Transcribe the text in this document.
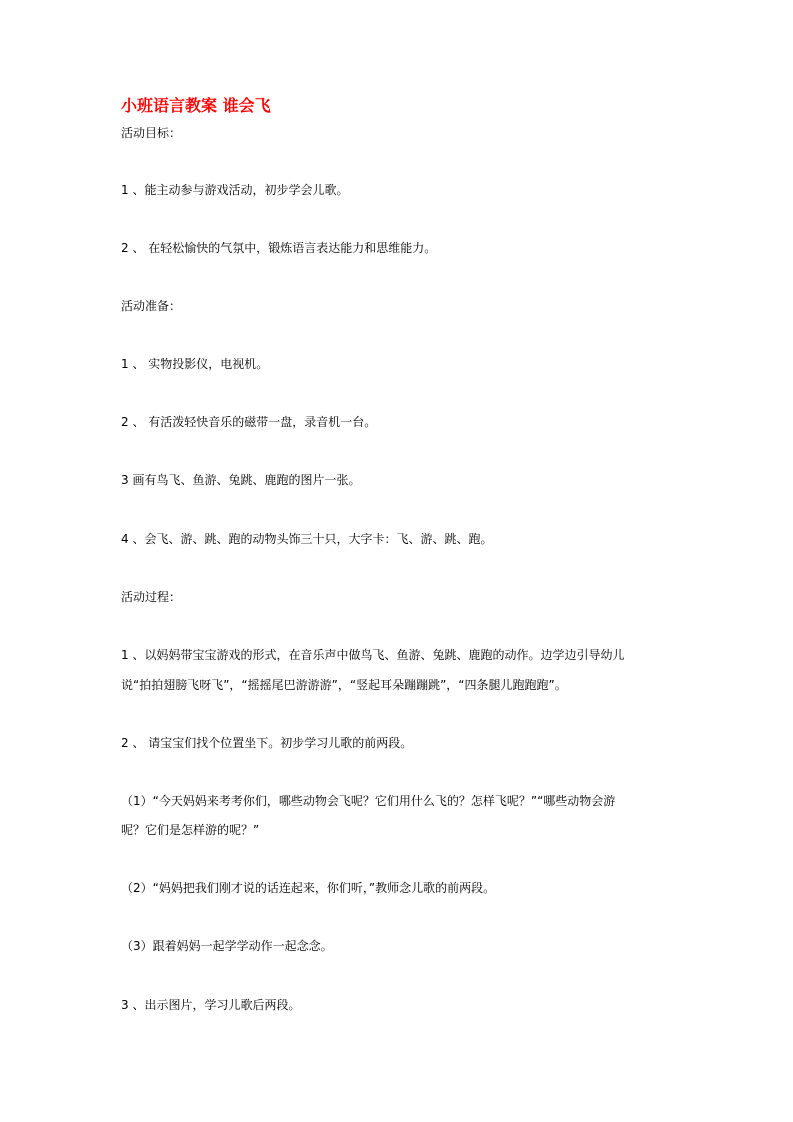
小班语言教案 谁会飞
活动目标：
1 、能主动参与游戏活动，初步学会儿歌。
2 、 在轻松愉快的气氛中，锻炼语言表达能力和思维能力。
活动准备：
1 、 实物投影仪，电视机。
2 、 有活泼轻快音乐的磁带一盘，录音机一台。
3 画有鸟飞、鱼游、兔跳、鹿跑的图片一张。
4 、会飞、游、跳、跑的动物头饰三十只，大字卡：飞、游、跳、跑。
活动过程：
1 、以妈妈带宝宝游戏的形式，在音乐声中做鸟飞、鱼游、兔跳、鹿跑的动作。边学边引导幼儿
说“拍拍翅膀飞呀飞”，“摇摇尾巴游游游”，“竖起耳朵蹦蹦跳”，“四条腿儿跑跑跑”。
2 、 请宝宝们找个位置坐下。初步学习儿歌的前两段。
（1）“今天妈妈来考考你们，哪些动物会飞呢？它们用什么飞的？怎样飞呢？”“哪些动物会游
呢？它们是怎样游的呢？”
（2）“妈妈把我们刚才说的话连起来，你们听，”教师念儿歌的前两段。
（3）跟着妈妈一起学学动作一起念念。
3 、出示图片，学习儿歌后两段。
